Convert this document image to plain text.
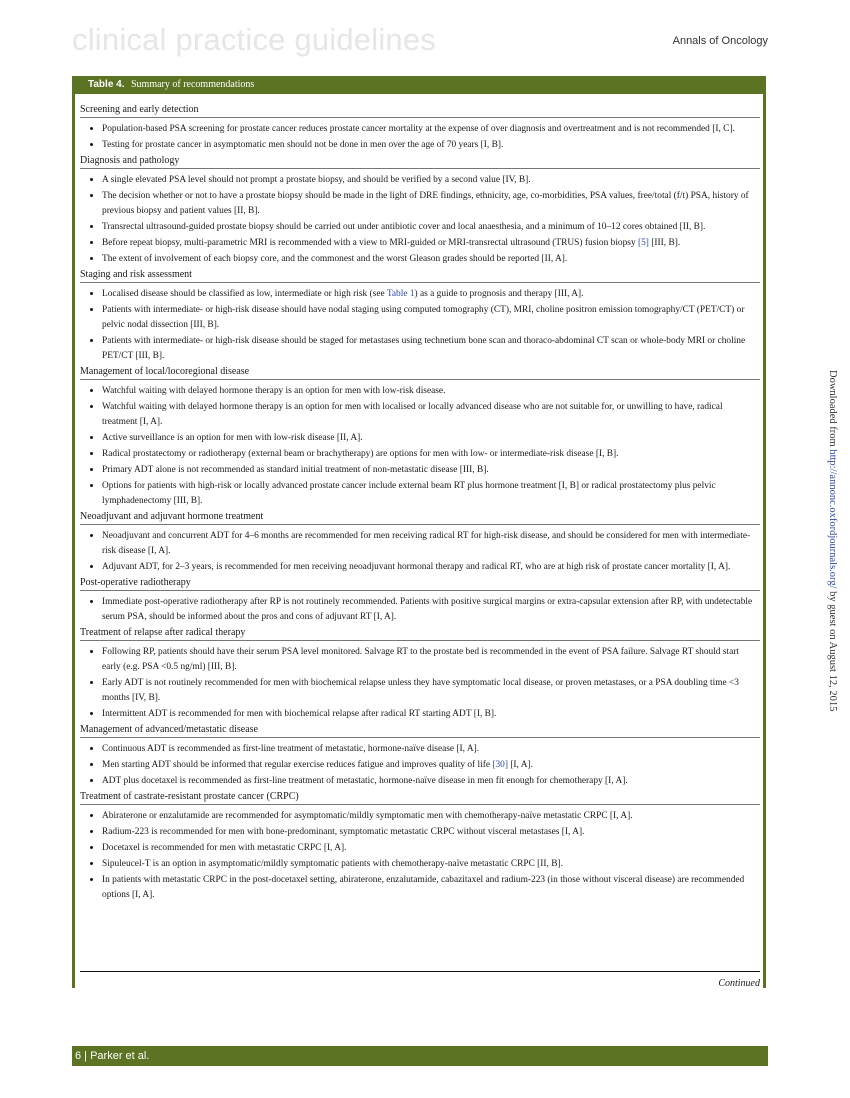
clinical practice guidelines	Annals of Oncology
Table 4. Summary of recommendations
Screening and early detection
• Population-based PSA screening for prostate cancer reduces prostate cancer mortality at the expense of over diagnosis and overtreatment and is not recommended [I, C].
• Testing for prostate cancer in asymptomatic men should not be done in men over the age of 70 years [I, B].
Diagnosis and pathology
• A single elevated PSA level should not prompt a prostate biopsy, and should be verified by a second value [IV, B].
• The decision whether or not to have a prostate biopsy should be made in the light of DRE findings, ethnicity, age, co-morbidities, PSA values, free/total (f/t) PSA, history of previous biopsy and patient values [II, B].
• Transrectal ultrasound-guided prostate biopsy should be carried out under antibiotic cover and local anaesthesia, and a minimum of 10–12 cores obtained [II, B].
• Before repeat biopsy, multi-parametric MRI is recommended with a view to MRI-guided or MRI-transrectal ultrasound (TRUS) fusion biopsy [5] [III, B].
• The extent of involvement of each biopsy core, and the commonest and the worst Gleason grades should be reported [II, A].
Staging and risk assessment
• Localised disease should be classified as low, intermediate or high risk (see Table 1) as a guide to prognosis and therapy [III, A].
• Patients with intermediate- or high-risk disease should have nodal staging using computed tomography (CT), MRI, choline positron emission tomography/CT (PET/CT) or pelvic nodal dissection [III, B].
• Patients with intermediate- or high-risk disease should be staged for metastases using technetium bone scan and thoraco-abdominal CT scan or whole-body MRI or choline PET/CT [III, B].
Management of local/locoregional disease
• Watchful waiting with delayed hormone therapy is an option for men with low-risk disease.
• Watchful waiting with delayed hormone therapy is an option for men with localised or locally advanced disease who are not suitable for, or unwilling to have, radical treatment [I, A].
• Active surveillance is an option for men with low-risk disease [II, A].
• Radical prostatectomy or radiotherapy (external beam or brachytherapy) are options for men with low- or intermediate-risk disease [I, B].
• Primary ADT alone is not recommended as standard initial treatment of non-metastatic disease [III, B].
• Options for patients with high-risk or locally advanced prostate cancer include external beam RT plus hormone treatment [I, B] or radical prostatectomy plus pelvic lymphadenectomy [III, B].
Neoadjuvant and adjuvant hormone treatment
• Neoadjuvant and concurrent ADT for 4–6 months are recommended for men receiving radical RT for high-risk disease, and should be considered for men with intermediate-risk disease [I, A].
• Adjuvant ADT, for 2–3 years, is recommended for men receiving neoadjuvant hormonal therapy and radical RT, who are at high risk of prostate cancer mortality [I, A].
Post-operative radiotherapy
• Immediate post-operative radiotherapy after RP is not routinely recommended. Patients with positive surgical margins or extra-capsular extension after RP, with undetectable serum PSA, should be informed about the pros and cons of adjuvant RT [I, A].
Treatment of relapse after radical therapy
• Following RP, patients should have their serum PSA level monitored. Salvage RT to the prostate bed is recommended in the event of PSA failure. Salvage RT should start early (e.g. PSA <0.5 ng/ml) [III, B].
• Early ADT is not routinely recommended for men with biochemical relapse unless they have symptomatic local disease, or proven metastases, or a PSA doubling time <3 months [IV, B].
• Intermittent ADT is recommended for men with biochemical relapse after radical RT starting ADT [I, B].
Management of advanced/metastatic disease
• Continuous ADT is recommended as first-line treatment of metastatic, hormone-naïve disease [I, A].
• Men starting ADT should be informed that regular exercise reduces fatigue and improves quality of life [30] [I, A].
• ADT plus docetaxel is recommended as first-line treatment of metastatic, hormone-naïve disease in men fit enough for chemotherapy [I, A].
Treatment of castrate-resistant prostate cancer (CRPC)
• Abiraterone or enzalutamide are recommended for asymptomatic/mildly symptomatic men with chemotherapy-naïve metastatic CRPC [I, A].
• Radium-223 is recommended for men with bone-predominant, symptomatic metastatic CRPC without visceral metastases [I, A].
• Docetaxel is recommended for men with metastatic CRPC [I, A].
• Sipuleucel-T is an option in asymptomatic/mildly symptomatic patients with chemotherapy-naïve metastatic CRPC [II, B].
• In patients with metastatic CRPC in the post-docetaxel setting, abiraterone, enzalutamide, cabazitaxel and radium-223 (in those without visceral disease) are recommended options [I, A].
Continued
Downloaded from http://annonc.oxfordjournals.org/ by guest on August 12, 2015
6 | Parker et al.
